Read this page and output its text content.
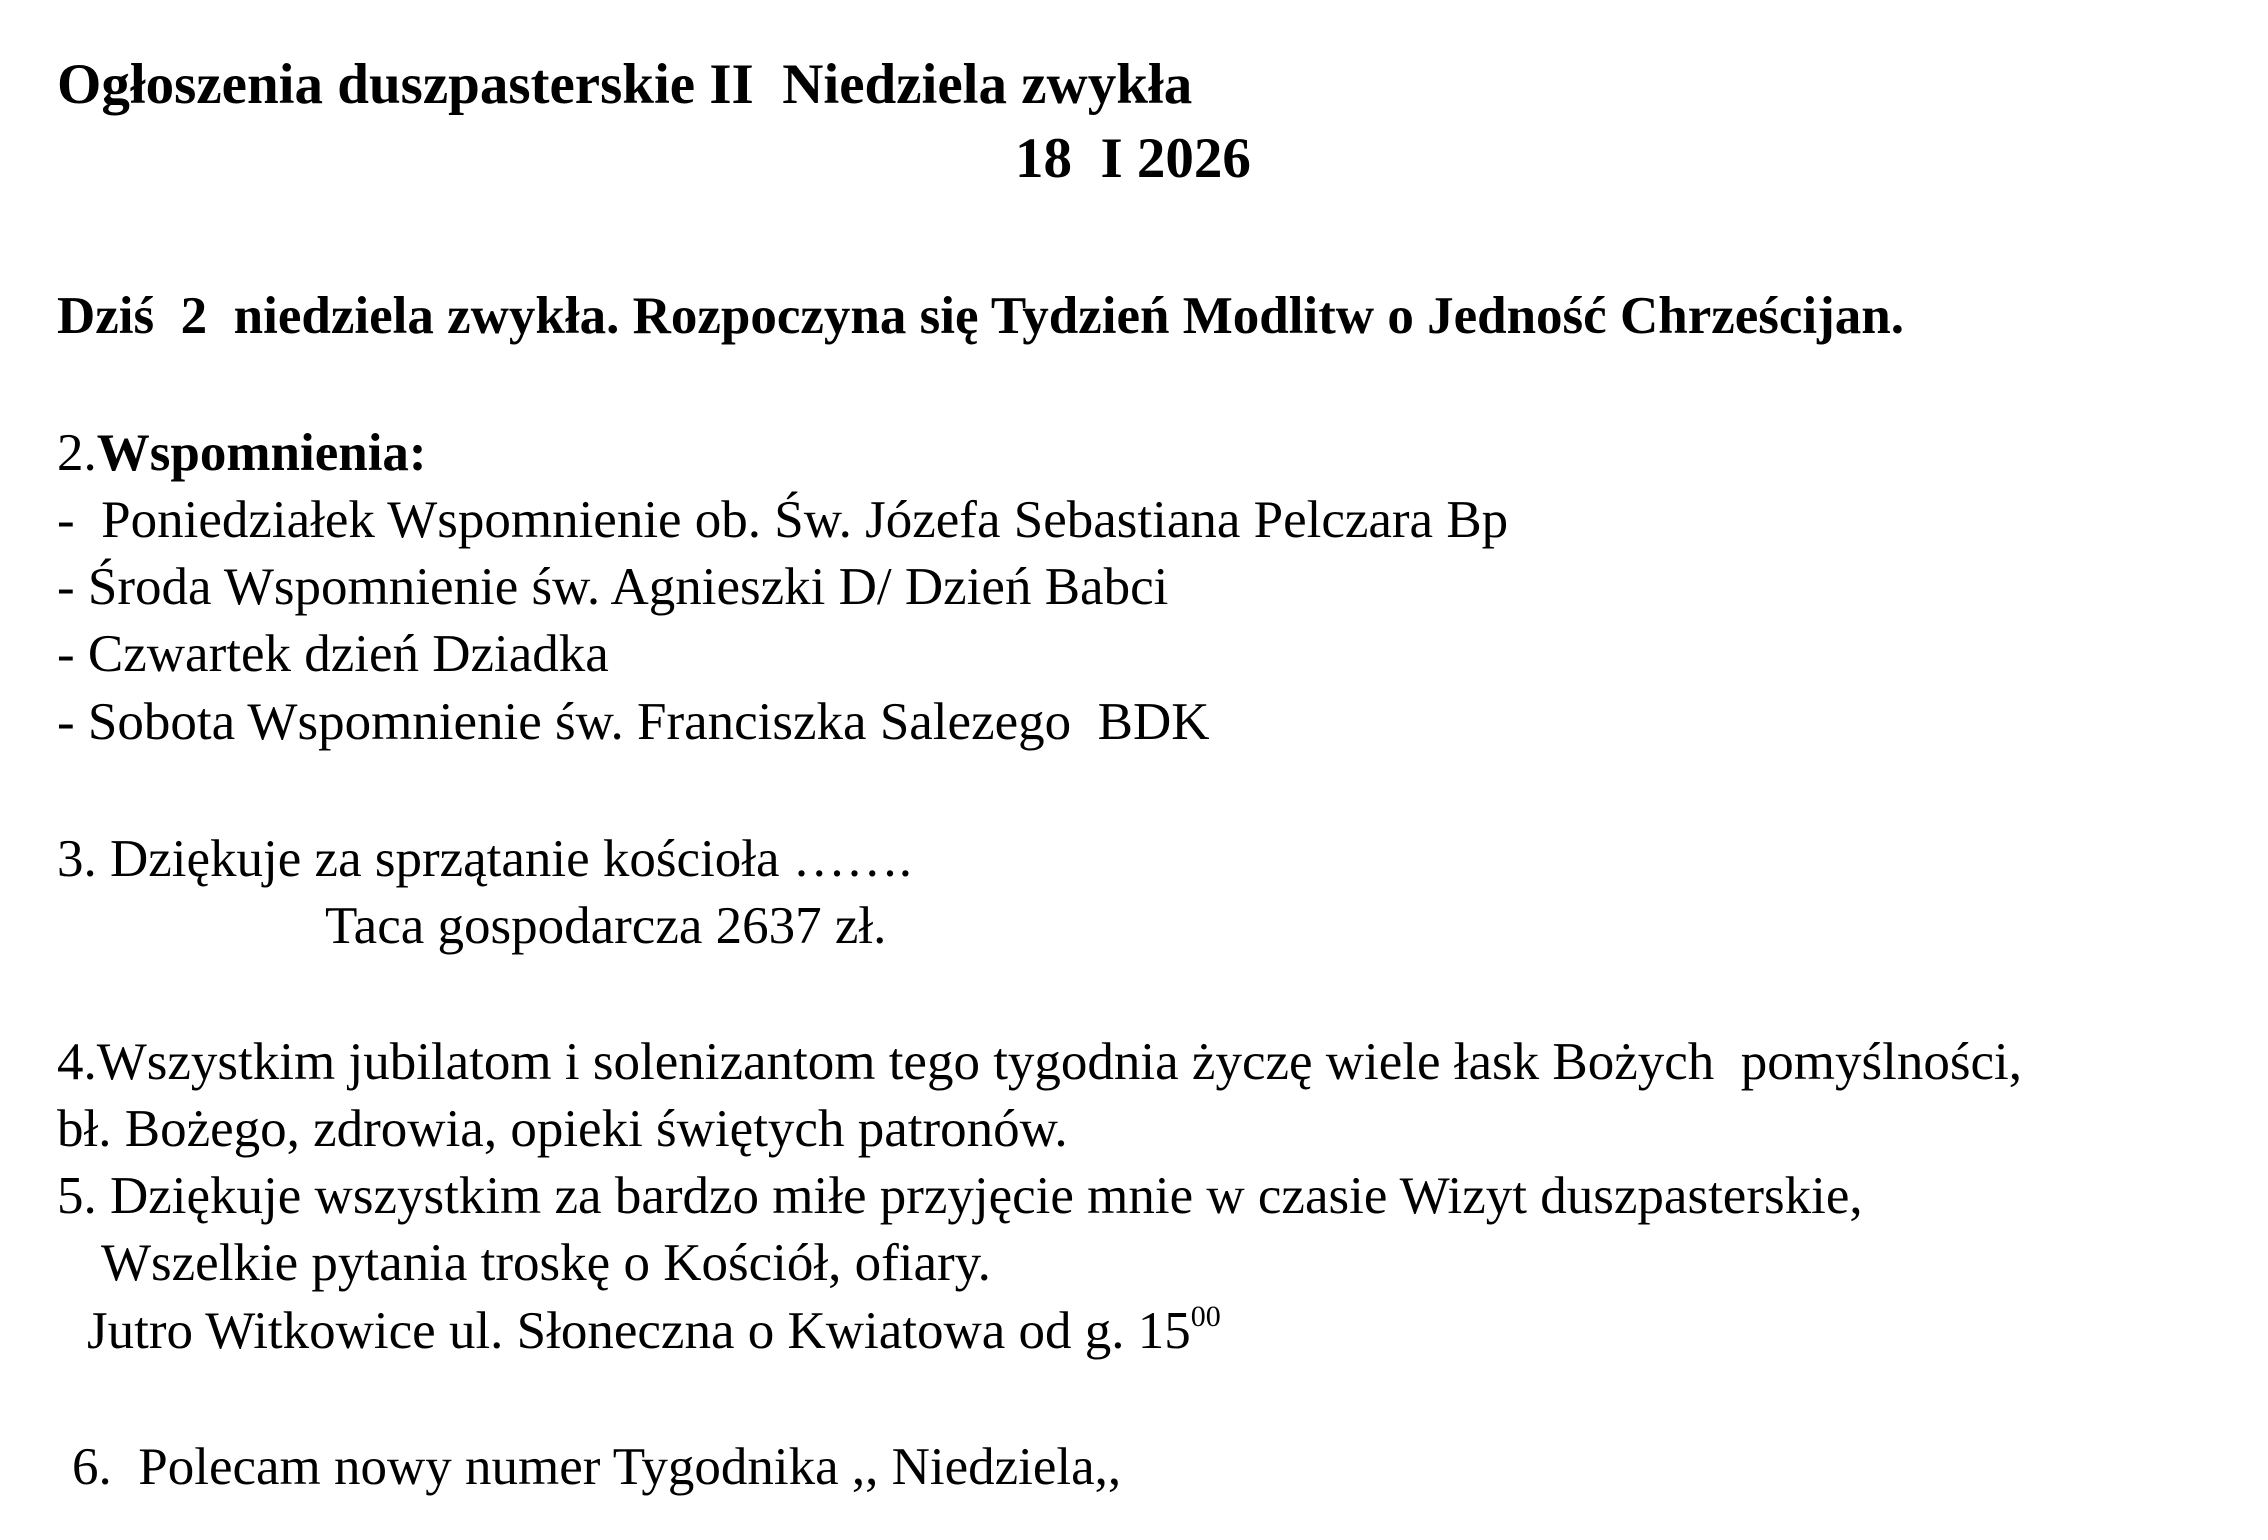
Ogłoszenia duszpasterskie II  Niedziela zwykła
18  I 2026
Dziś  2  niedziela zwykła. Rozpoczyna się Tydzień Modlitw o Jedność Chrześcijan.
2.Wspomnienia:
-  Poniedziałek Wspomnienie ob. Św. Józefa Sebastiana Pelczara Bp
- Środa Wspomnienie św. Agnieszki D/ Dzień Babci
- Czwartek dzień Dziadka
- Sobota Wspomnienie św. Franciszka Salezego  BDK
3. Dziękuje za sprzątanie kościoła …….
Taca gospodarcza 2637 zł.
4.Wszystkim jubilatom i solenizantom tego tygodnia życzę wiele łask Bożych  pomyślności,
bł. Bożego, zdrowia, opieki świętych patronów.
5. Dziękuje wszystkim za bardzo miłe przyjęcie mnie w czasie Wizyt duszpasterskie,
Wszelkie pytania troskę o Kościół, ofiary.
Jutro Witkowice ul. Słoneczna o Kwiatowa od g. $15^{00}$
6.  Polecam nowy numer Tygodnika ,, Niedziela,,
